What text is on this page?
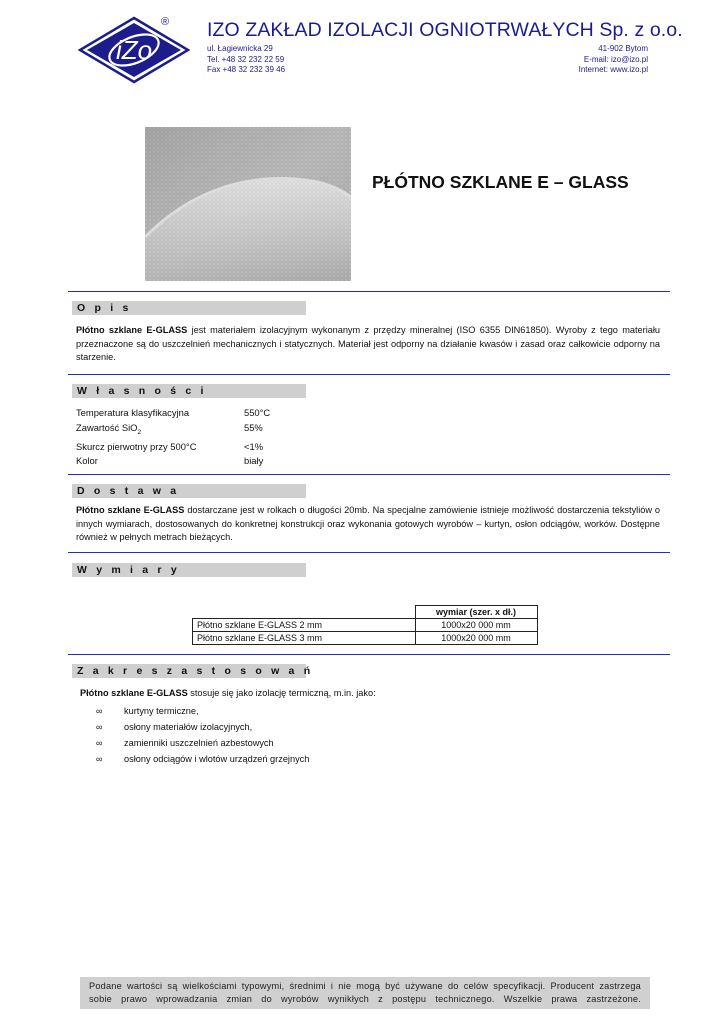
iZo
® IZO ZAKŁAD IZOLACJI OGNIOTRWAŁYCH Sp. z o.o.
ul. Łagiewnicka 29
Tel. +48 32 232 22 59
Fax +48 32 232 39 46
41-902 Bytom
E-mail: izo@izo.pl
Internet: www.izo.pl
PŁÓTNO SZKLANE E – GLASS
O p i s
Płótno szklane E-GLASS jest materiałem izolacyjnym wykonanym z przędzy mineralnej (ISO 6355 DIN61850). Wyroby z tego materiału przeznaczone są do uszczelnień mechanicznych i statycznych. Materiał jest odporny na działanie kwasów i zasad oraz całkowicie odporny na starzenie.
W ł a s n o ś c i
Temperatura klasyfikacyjna	550°C
Zawartość SiO$_2$	55%
Skurcz pierwotny przy 500°C	<1%
Kolor	biały
D o s t a w a
Płótno szklane E-GLASS dostarczane jest w rolkach o długości 20mb. Na specjalne zamówienie istnieje możliwość dostarczenia tekstyliów o innych wymiarach, dostosowanych do konkretnej konstrukcji oraz wykonania gotowych wyrobów – kurtyn, osłon odciągów, worków. Dostępne również w pełnych metrach bieżących.
W y m i a r y
	wymiar (szer. x dł.)
Płótno szklane E-GLASS 2 mm	1000x20 000 mm
Płótno szklane E-GLASS 3 mm	1000x20 000 mm
Z a k r e s z a s t o s o w a ń
Płótno szklane E-GLASS stosuje się jako izolację termiczną, m.in. jako:
∞	kurtyny termiczne,
∞	osłony materiałów izolacyjnych,
∞	zamienniki uszczelnień azbestowych
∞	osłony odciągów i wlotów urządzeń grzejnych
Podane wartości są wielkościami typowymi, średnimi i nie mogą być używane do celów specyfikacji. Producent zastrzega
sobie prawo wprowadzania zmian do wyrobów wynikłych z postępu technicznego. Wszelkie prawa zastrzeżone.
